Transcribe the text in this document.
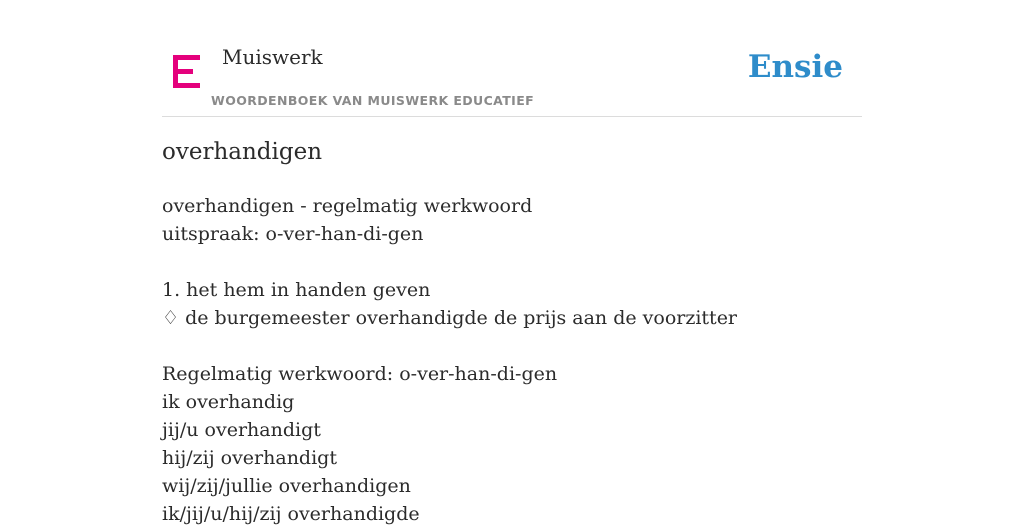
Muiswerk
WOORDENBOEK VAN MUISWERK EDUCATIEF
Ensie
overhandigen
overhandigen - regelmatig werkwoord
uitspraak: o-ver-han-di-gen
1. het hem in handen geven
♢ de burgemeester overhandigde de prijs aan de voorzitter
Regelmatig werkwoord: o-ver-han-di-gen
ik overhandig
jij/u overhandigt
hij/zij overhandigt
wij/zij/jullie overhandigen
ik/jij/u/hij/zij overhandigde
